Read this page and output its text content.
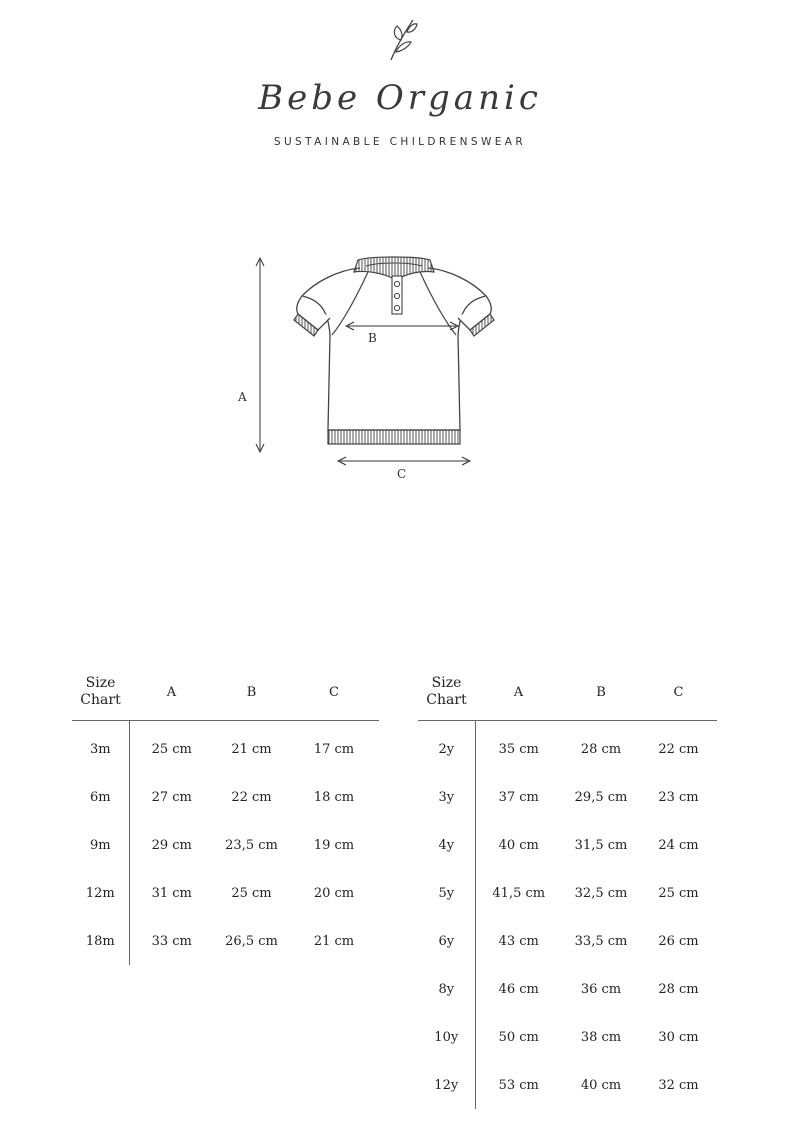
Bebe Organic
SUSTAINABLE CHILDRENSWEAR
A
B
C
Size
Chart	A	B	C
3m	25 cm	21 cm	17 cm
6m	27 cm	22 cm	18 cm
9m	29 cm	23,5 cm	19 cm
12m	31 cm	25 cm	20 cm
18m	33 cm	26,5 cm	21 cm
Size
Chart	A	B	C
2y	35 cm	28 cm	22 cm
3y	37 cm	29,5 cm	23 cm
4y	40 cm	31,5 cm	24 cm
5y	41,5 cm	32,5 cm	25 cm
6y	43 cm	33,5 cm	26 cm
8y	46 cm	36 cm	28 cm
10y	50 cm	38 cm	30 cm
12y	53 cm	40 cm	32 cm
